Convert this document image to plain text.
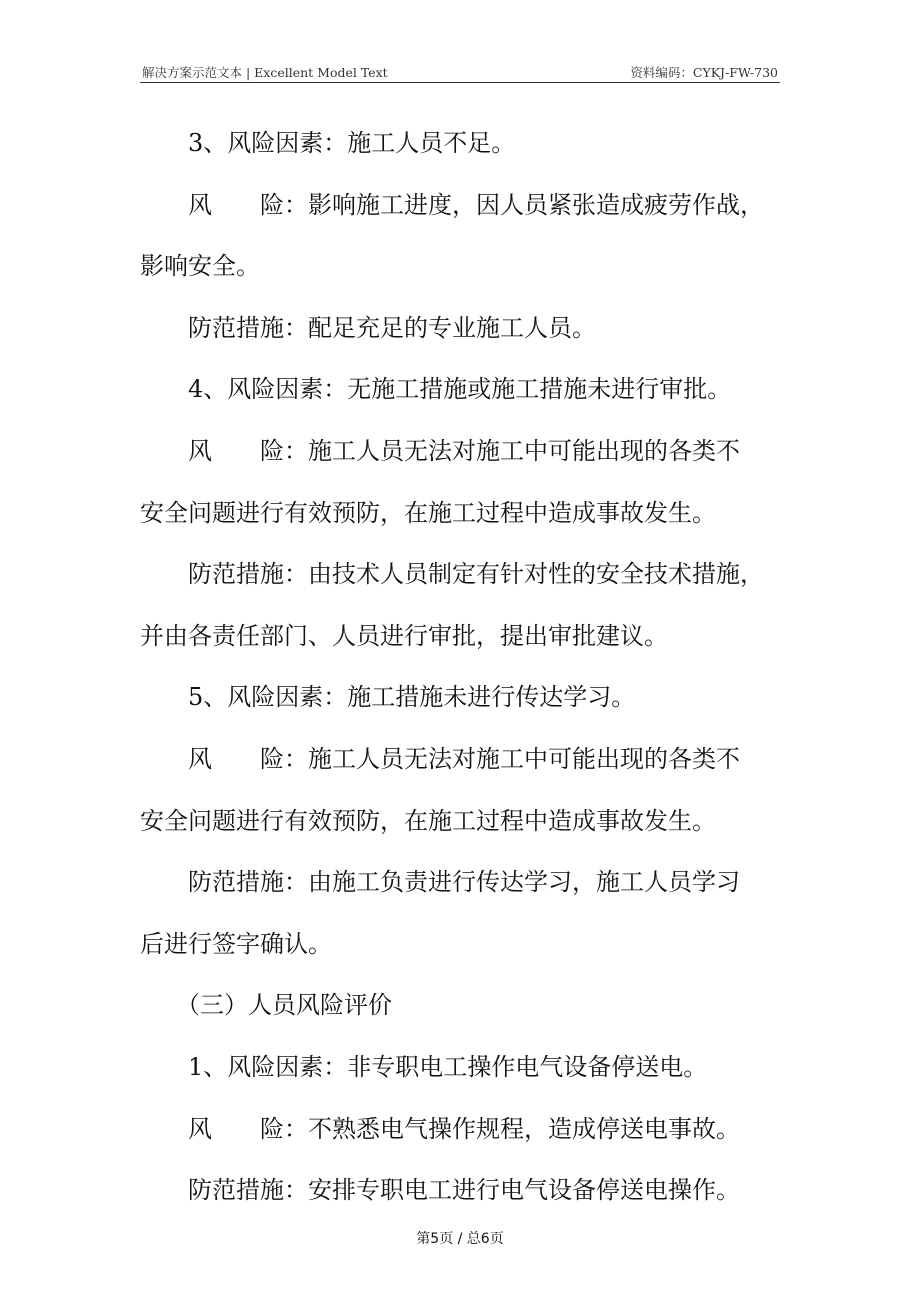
解决方案示范文本 | Excellent Model Text	资料编码：CYKJ-FW-730
3、风险因素：施工人员不足。
风 险：影响施工进度，因人员紧张造成疲劳作战，
影响安全。
防范措施：配足充足的专业施工人员。
4、风险因素：无施工措施或施工措施未进行审批。
风 险：施工人员无法对施工中可能出现的各类不
安全问题进行有效预防，在施工过程中造成事故发生。
防范措施：由技术人员制定有针对性的安全技术措施，
并由各责任部门、人员进行审批，提出审批建议。
5、风险因素：施工措施未进行传达学习。
风 险：施工人员无法对施工中可能出现的各类不
安全问题进行有效预防，在施工过程中造成事故发生。
防范措施：由施工负责进行传达学习，施工人员学习
后进行签字确认。
（三）人员风险评价
1、风险因素：非专职电工操作电气设备停送电。
风 险：不熟悉电气操作规程，造成停送电事故。
防范措施：安排专职电工进行电气设备停送电操作。
第5页 / 总6页
